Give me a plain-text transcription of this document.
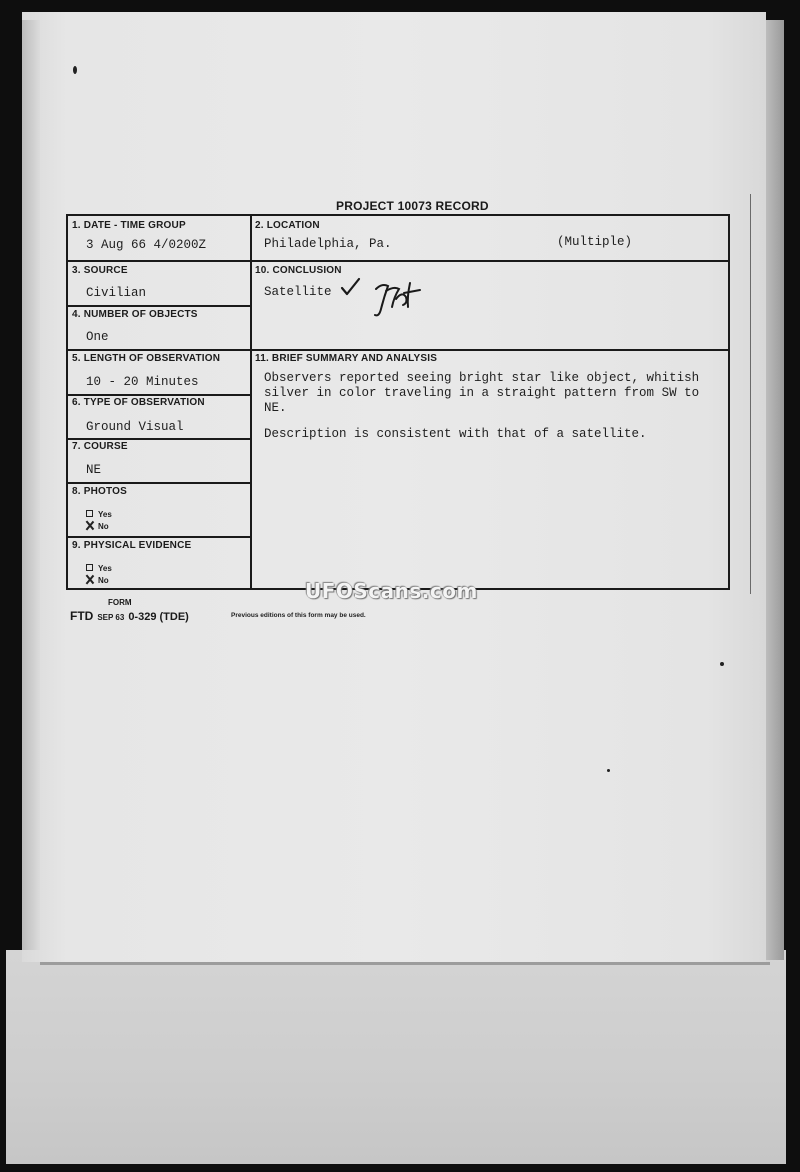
PROJECT 10073 RECORD
1. DATE - TIME GROUP
3 Aug 66 4/0200Z
2. LOCATION
Philadelphia, Pa.	(Multiple)
3. SOURCE
Civilian
10. CONCLUSION
Satellite
4. NUMBER OF OBJECTS
One
5. LENGTH OF OBSERVATION
10 - 20 Minutes
11. BRIEF SUMMARY AND ANALYSIS

Observers reported seeing bright star like object, whitish silver in color traveling in a straight pattern from SW to NE.

Description is consistent with that of a satellite.

6. TYPE OF OBSERVATION
Ground Visual
7. COURSE
NE
8. PHOTOS
Yes
No
9. PHYSICAL EVIDENCE
Yes
No
FORM
FTD SEP 63 0-329 (TDE)	Previous editions of this form may be used.
UFOScans.com
